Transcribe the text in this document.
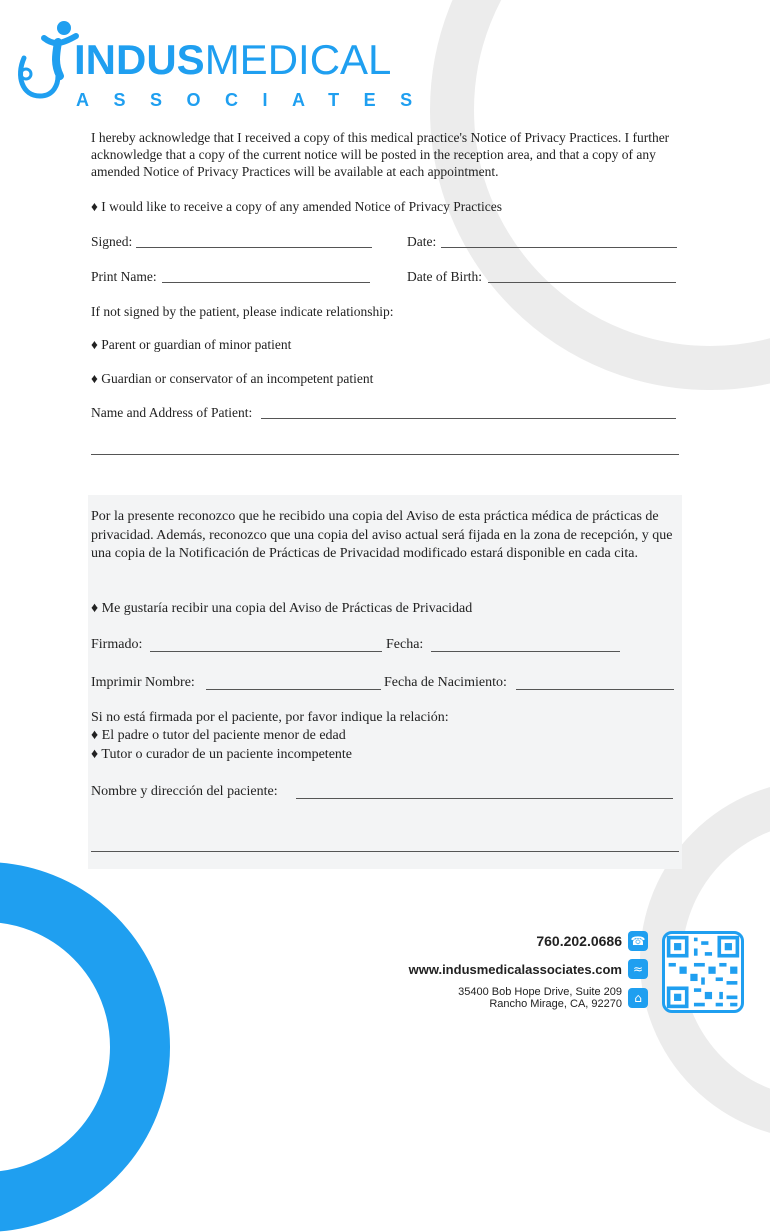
INDUSMEDICAL
ASSOCIATES
I hereby acknowledge that I received a copy of this medical practice's Notice of Privacy Practices. I further acknowledge that a copy of the current notice will be posted in the reception area, and that a copy of any amended Notice of Privacy Practices will be available at each appointment.
♦ I would like to receive a copy of any amended Notice of Privacy Practices
Signed:	Date:
Print Name:	Date of Birth:
If not signed by the patient, please indicate relationship:
♦ Parent or guardian of minor patient
♦ Guardian or conservator of an incompetent patient
Name and Address of Patient:
Por la presente reconozco que he recibido una copia del Aviso de esta práctica médica de prácticas de privacidad. Además, reconozco que una copia del aviso actual será fijada en la zona de recepción, y que una copia de la Notificación de Prácticas de Privacidad modificado estará disponible en cada cita.
♦ Me gustaría recibir una copia del Aviso de Prácticas de Privacidad
Firmado:	Fecha:
Imprimir Nombre:	Fecha de Nacimiento:
Si no está firmada por el paciente, por favor indique la relación:
♦ El padre o tutor del paciente menor de edad
♦ Tutor o curador de un paciente incompetente
Nombre y dirección del paciente:
760.202.0686 ☎
www.indusmedicalassociates.com ≈
35400 Bob Hope Drive, Suite 209
Rancho Mirage, CA, 92270	⌂
